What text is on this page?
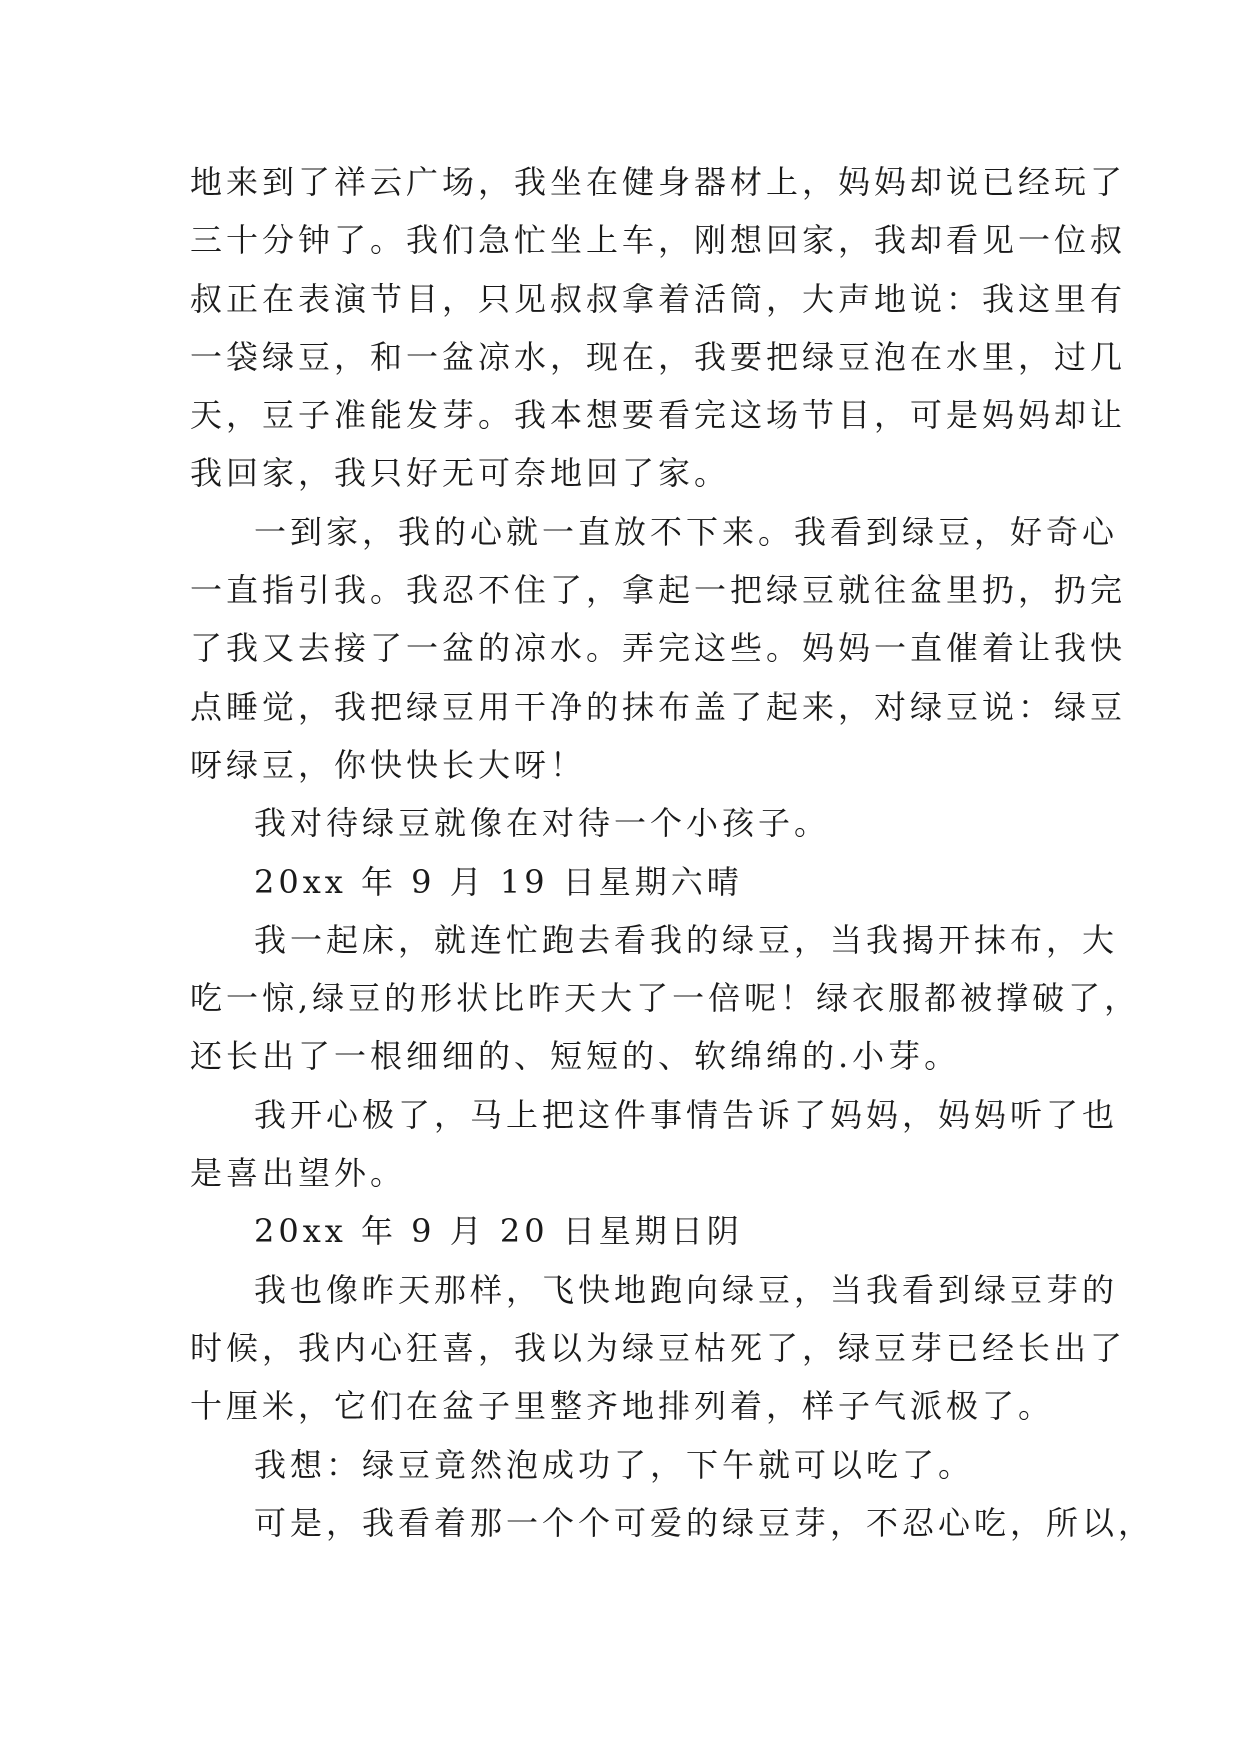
地来到了祥云广场，我坐在健身器材上，妈妈却说已经玩了
三十分钟了。我们急忙坐上车，刚想回家，我却看见一位叔
叔正在表演节目，只见叔叔拿着活筒，大声地说：我这里有
一袋绿豆，和一盆凉水，现在，我要把绿豆泡在水里，过几
天，豆子准能发芽。我本想要看完这场节目，可是妈妈却让
我回家，我只好无可奈地回了家。
一到家，我的心就一直放不下来。我看到绿豆，好奇心
一直指引我。我忍不住了，拿起一把绿豆就往盆里扔，扔完
了我又去接了一盆的凉水。弄完这些。妈妈一直催着让我快
点睡觉，我把绿豆用干净的抹布盖了起来，对绿豆说：绿豆
呀绿豆，你快快长大呀！
我对待绿豆就像在对待一个小孩子。
20xx 年 9 月 19 日星期六晴
我一起床，就连忙跑去看我的绿豆，当我揭开抹布，大
吃一惊,绿豆的形状比昨天大了一倍呢！绿衣服都被撑破了，
还长出了一根细细的、短短的、软绵绵的.小芽。
我开心极了，马上把这件事情告诉了妈妈，妈妈听了也
是喜出望外。
20xx 年 9 月 20 日星期日阴
我也像昨天那样，飞快地跑向绿豆，当我看到绿豆芽的
时候，我内心狂喜，我以为绿豆枯死了，绿豆芽已经长出了
十厘米，它们在盆子里整齐地排列着，样子气派极了。
我想：绿豆竟然泡成功了，下午就可以吃了。
可是，我看着那一个个可爱的绿豆芽，不忍心吃，所以，
